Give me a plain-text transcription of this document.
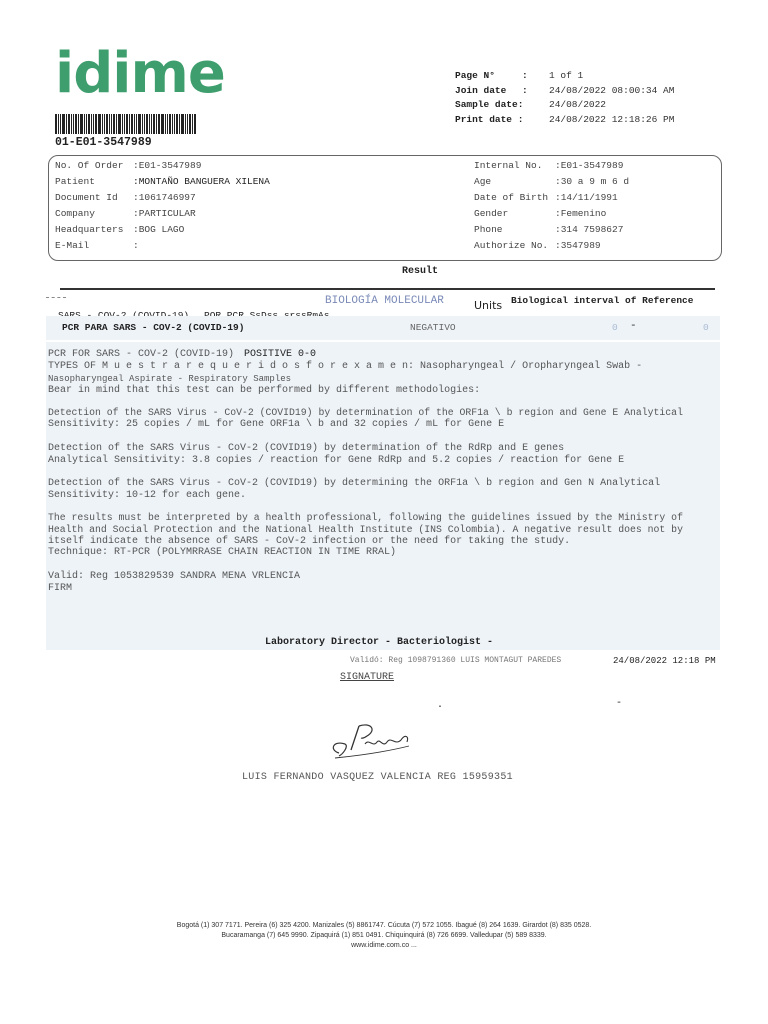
idime
01-E01-3547989
Page N°	: 1 of 1
Join date : 24/08/2022 08:00:34 AM
Sample date:	24/08/2022
Print date :	24/08/2022 12:18:26 PM
No. Of Order :E01-3547989
Patient	:MONTAÑO BANGUERA XILENA
Document Id :1061746997
Company	:PARTICULAR
Headquarters :BOG LAGO
E-Mail	:
Internal No. :E01-3547989
Age	:30 a 9 m 6 d
Date of Birth :14/11/1991
Gender	:Femenino
Phone	:314 7598627
Authorize No. :3547989
Result
BIOLOGÍA MOLECULAR	Units Biological interval of Reference
PCR PARA SARS - COV-2 (COVID-19)	NEGATIVO	0 -	0
PCR FOR SARS - COV-2 (COVID-19) POSITIVE 0-0
TYPES OF M u e s t r a r e q u e r i d o s f o r e x a m e n: Nasopharyngeal / Oropharyngeal Swab -
Nasopharyngeal Aspirate - Respiratory Samples
Bear in mind that this test can be performed by different methodologies:
Detection of the SARS Virus - CoV-2 (COVID19) by determination of the ORF1a \ b region and Gene E Analytical
Sensitivity: 25 copies / mL for Gene ORF1a \ b and 32 copies / mL for Gene E
Detection of the SARS Virus - CoV-2 (COVID19) by determination of the RdRp and E genes
Analytical Sensitivity: 3.8 copies / reaction for Gene RdRp and 5.2 copies / reaction for Gene E
Detection of the SARS Virus - CoV-2 (COVID19) by determining the ORF1a \ b region and Gen N Analytical
Sensitivity: 10-12 for each gene.
The results must be interpreted by a health professional, following the guidelines issued by the Ministry of
Health and Social Protection and the National Health Institute (INS Colombia). A negative result does not by
itself indicate the absence of SARS - CoV-2 infection or the need for taking the study.
Technique: RT-PCR (POLYMRRASE CHAIN REACTION IN TIME RRAL)
Valid: Reg 1053829539 SANDRA MENA VRLENCIA
FIRM
Laboratory Director - Bacteriologist -
Validó: Reg 1098791360 LUIS MONTAGUT PAREDES	24/08/2022 12:18 PM
SIGNATURE
.	-
LUIS FERNANDO VASQUEZ VALENCIA REG 15959351
Bogotá (1) 307 7171. Pereira (6) 325 4200. Manizales (5) 8861747. Cúcuta (7) 572 1055. Ibagué (8) 264 1639. Girardot (8) 835 0528.
Bucaramanga (7) 645 9990. Zipaquirá (1) 851 0491. Chiquinquirá (8) 726 6699. Valledupar (5) 589 8339.
www.idime.com.co ...
